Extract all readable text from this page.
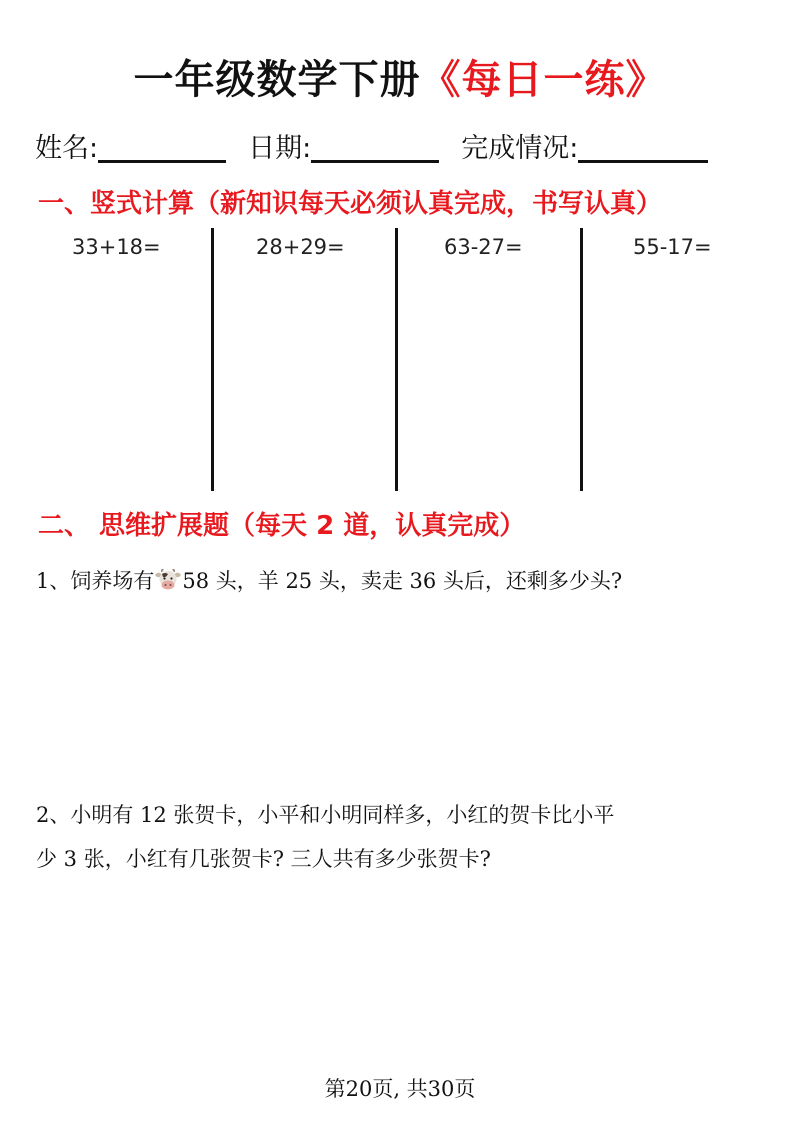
一年级数学下册《每日一练》
姓名:	日期:	完成情况:
一、竖式计算（新知识每天必须认真完成，书写认真）
33+18=	28+29=	63-27=	55-17=
二、 思维扩展题（每天 2 道，认真完成）
1、饲养场有 58 头，羊 25 头，卖走 36 头后，还剩多少头?
2、小明有 12 张贺卡，小平和小明同样多，小红的贺卡比小平
少 3 张，小红有几张贺卡? 三人共有多少张贺卡?
第20页, 共30页
